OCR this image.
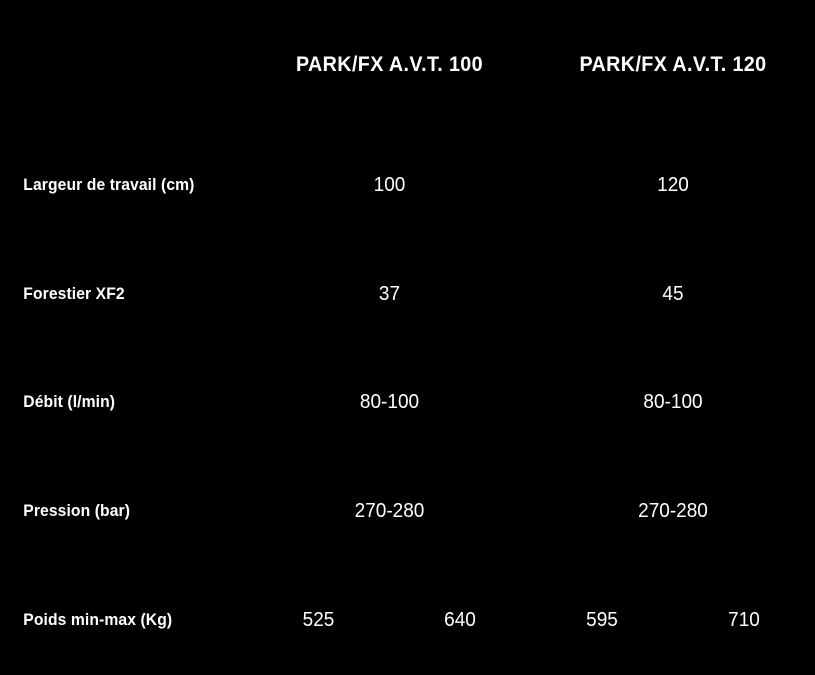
	PARK/FX A.V.T. 100		PARK/FX A.V.T. 120	
Largeur de travail (cm)	100		120	
Forestier XF2	37		45	
Débit (l/min)	80-100		80-100	
Pression (bar)	270-280		270-280	
Poids min-max (Kg)	525	640	595	710
